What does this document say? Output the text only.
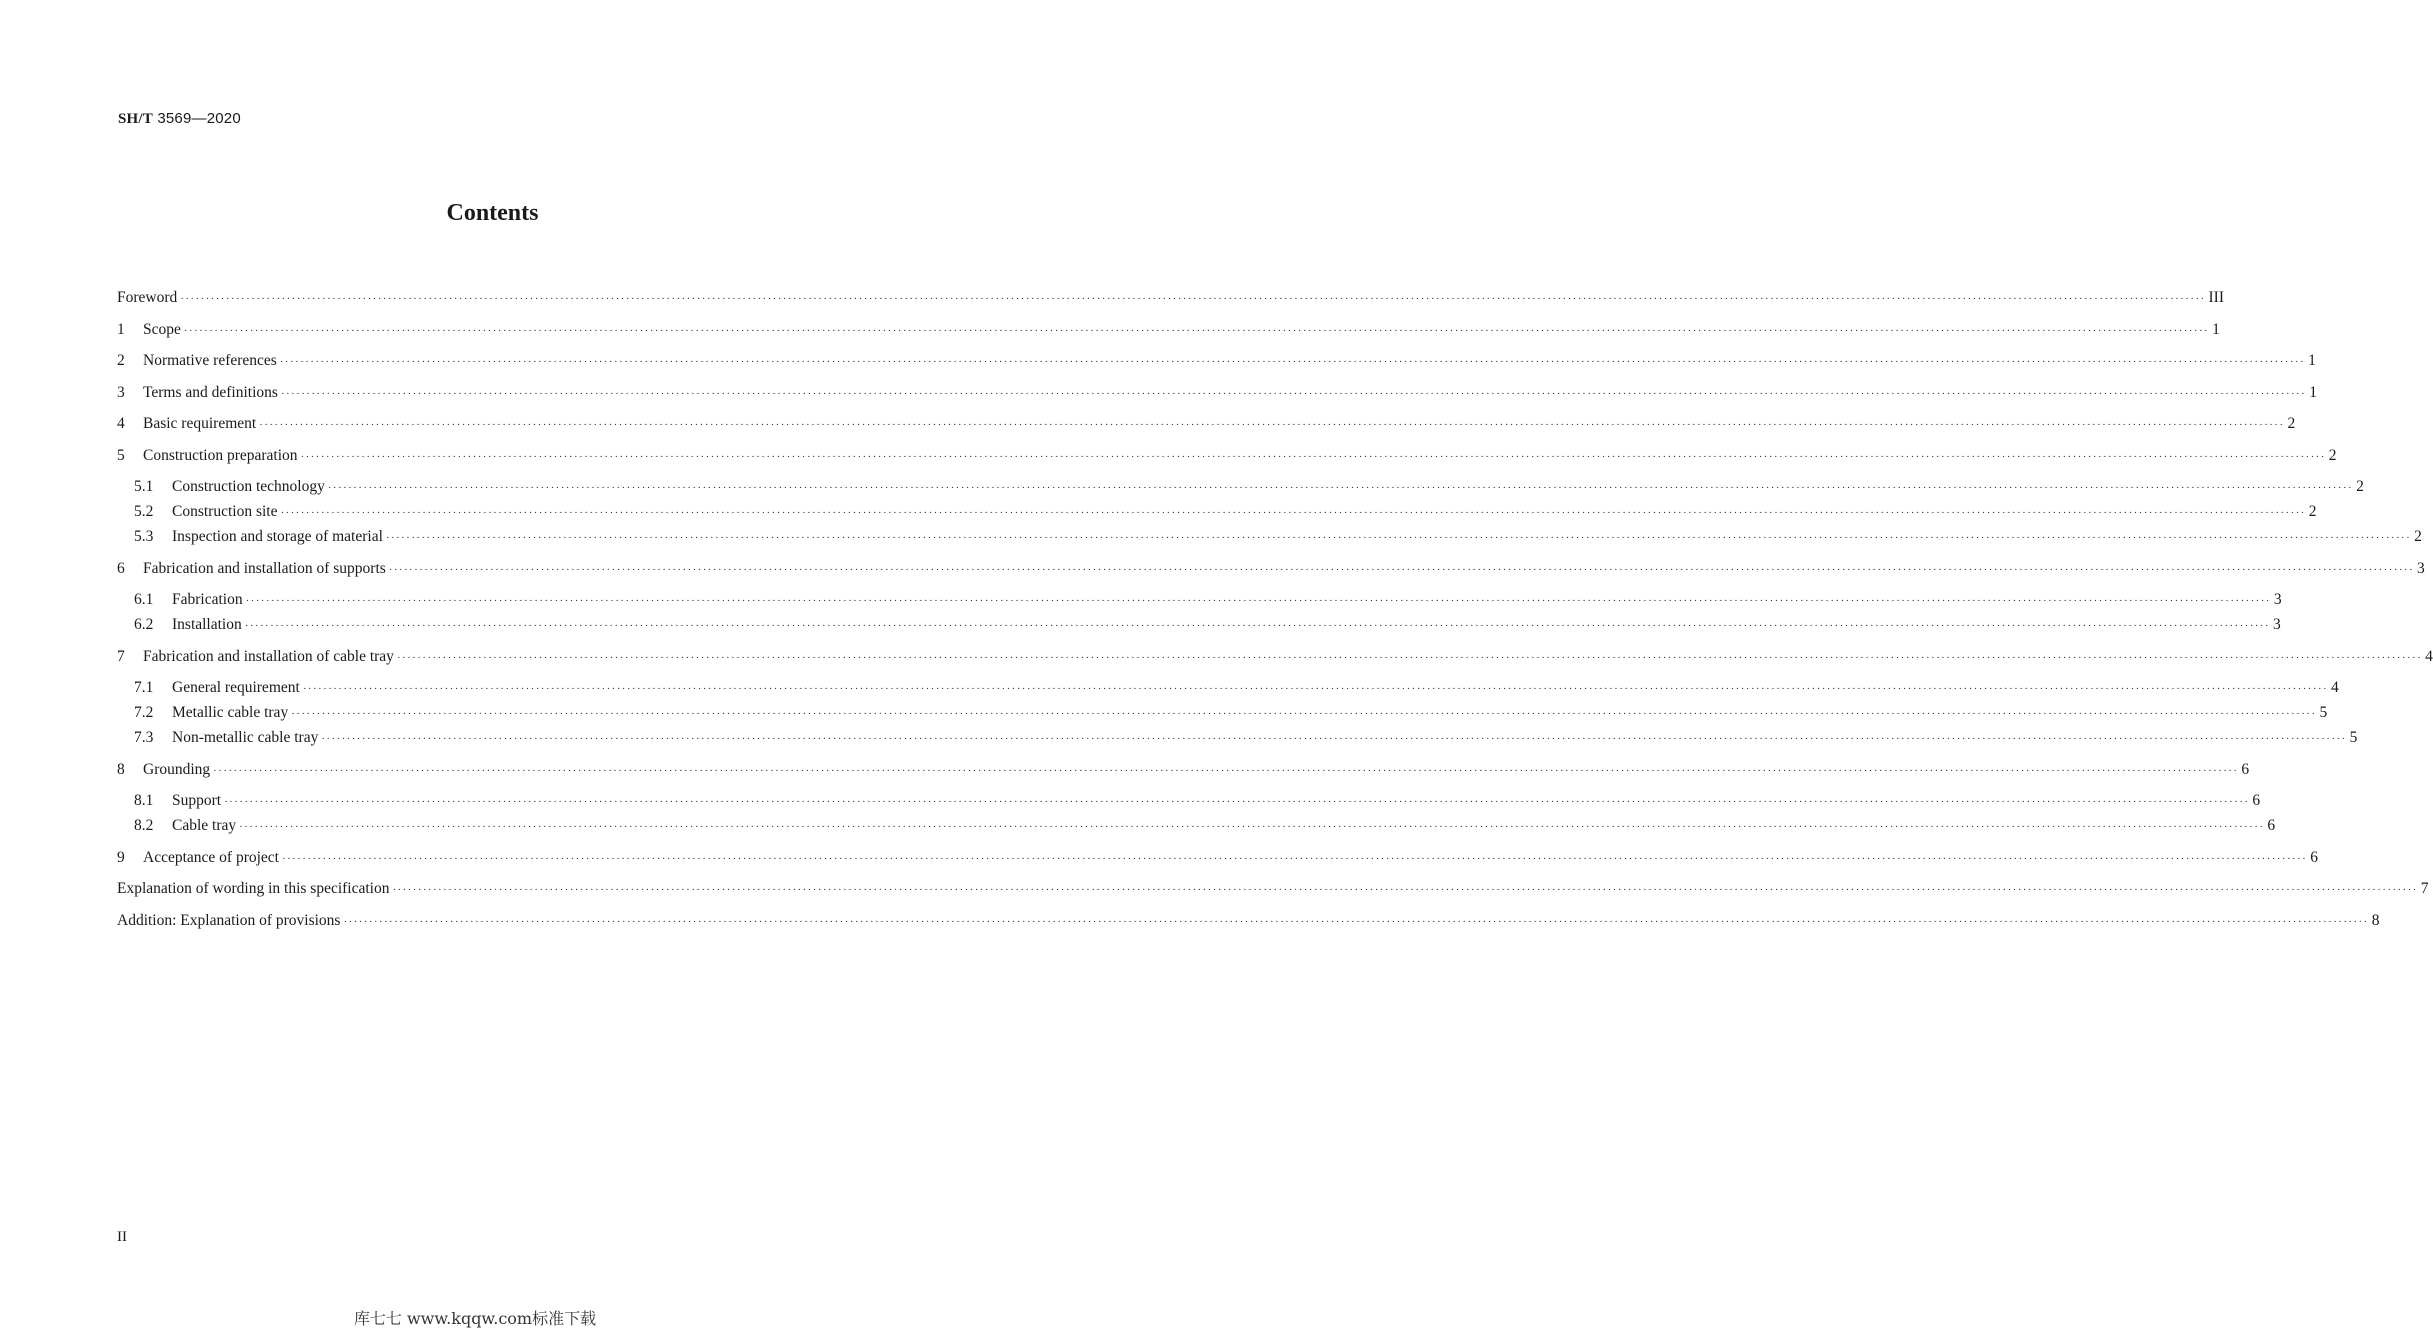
SH/T 3569—2020
Contents
Foreword ················································································································································································································································································································································································································ III
1	Scope ················································································································································································································································································································································································································ 1
2	Normative references ················································································································································································································································································································································································································ 1
3	Terms and definitions ················································································································································································································································································································································································································ 1
4	Basic requirement ················································································································································································································································································································································································································ 2
5	Construction preparation ················································································································································································································································································································································································································ 2
5.1	Construction technology ················································································································································································································································································································································································································ 2
5.2	Construction site ················································································································································································································································································································································································································ 2
5.3	Inspection and storage of material ················································································································································································································································································································································································································ 2
6	Fabrication and installation of supports ················································································································································································································································································································································································································ 3
6.1	Fabrication ················································································································································································································································································································································································································ 3
6.2	Installation ················································································································································································································································································································································································································ 3
7	Fabrication and installation of cable tray ················································································································································································································································································································································································································ 4
7.1	General requirement ················································································································································································································································································································································································································ 4
7.2	Metallic cable tray ················································································································································································································································································································································································································ 5
7.3	Non-metallic cable tray ················································································································································································································································································································································································································ 5
8	Grounding ················································································································································································································································································································································································································ 6
8.1	Support ················································································································································································································································································································································································································ 6
8.2	Cable tray ················································································································································································································································································································································································································ 6
9	Acceptance of project ················································································································································································································································································································································································································ 6
Explanation of wording in this specification ················································································································································································································································································································································································································ 7
Addition: Explanation of provisions ················································································································································································································································································································································································································ 8
II
库七七 www.kqqw.com标准下载
